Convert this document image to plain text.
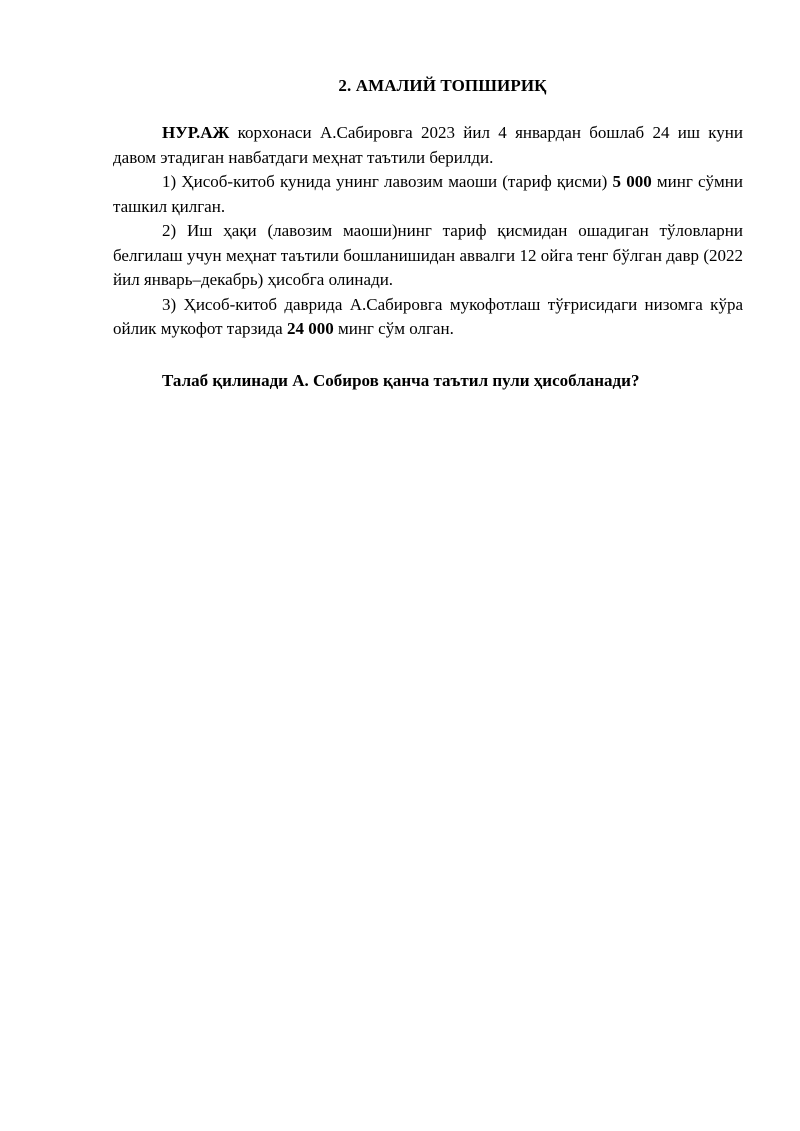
2. АМАЛИЙ ТОПШИРИҚ

НУР.АЖ корхонаси А.Сабировга 2023 йил 4 январдан бошлаб 24 иш куни давом этадиган навбатдаги меҳнат таътили берилди.

1) Ҳисоб-китоб кунида унинг лавозим маоши (тариф қисми) 5 000 минг сўмни ташкил қилган.

2) Иш ҳақи (лавозим маоши)нинг тариф қисмидан ошадиган тўловларни белгилаш учун меҳнат таътили бошланишидан аввалги 12 ойга тенг бўлган давр (2022 йил январь–декабрь) ҳисобга олинади.

3) Ҳисоб-китоб даврида А.Сабировга мукофотлаш тўғрисидаги низомга кўра ойлик мукофот тарзида 24 000 минг сўм олган.

Талаб қилинади А. Собиров қанча таътил пули ҳисобланади?
